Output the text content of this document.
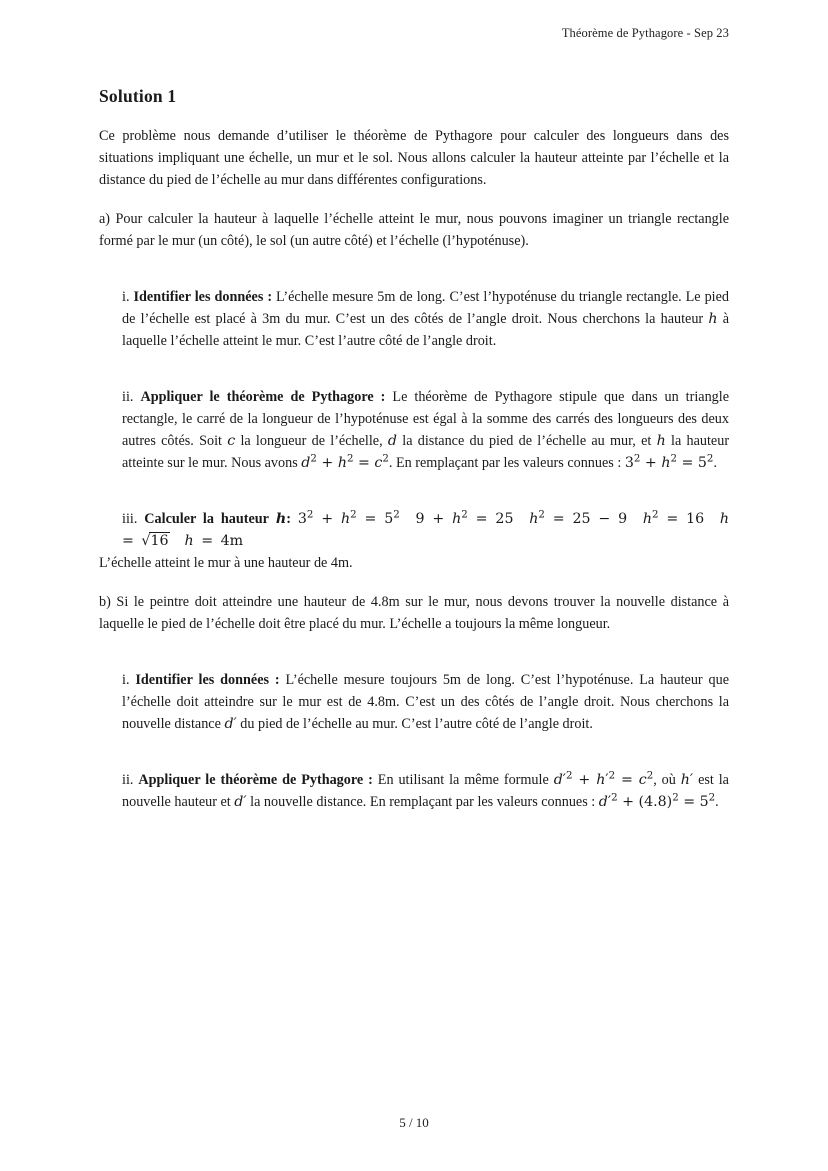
Théorème de Pythagore - Sep 23
Solution 1

Ce problème nous demande d’utiliser le théorème de Pythagore pour calculer des longueurs dans des situations impliquant une échelle, un mur et le sol. Nous allons calculer la hauteur atteinte par l’échelle et la distance du pied de l’échelle au mur dans différentes configurations.

a) Pour calculer la hauteur à laquelle l’échelle atteint le mur, nous pouvons imaginer un triangle rectangle formé par le mur (un côté), le sol (un autre côté) et l’échelle (l’hypoténuse).

i. Identifier les données : L’échelle mesure 5m de long. C’est l’hypoténuse du triangle rectangle. Le pied de l’échelle est placé à 3m du mur. C’est un des côtés de l’angle droit. Nous cherchons la hauteur h à laquelle l’échelle atteint le mur. C’est l’autre côté de l’angle droit.

ii. Appliquer le théorème de Pythagore : Le théorème de Pythagore stipule que dans un triangle rectangle, le carré de la longueur de l’hypoténuse est égal à la somme des carrés des longueurs des deux autres côtés. Soit c la longueur de l’échelle, d la distance du pied de l’échelle au mur, et h la hauteur atteinte sur le mur. Nous avons $d^2 + h^2 = c^2$. En remplaçant par les valeurs connues : $3^2 + h^2 = 5^2$.

iii. Calculer la hauteur h: $3^2 + h^2 = 5^2$  $9 + h^2 = 25$  $h^2 = 25 - 9$  $h^2 = 16$  h = √16 h = 4m

L’échelle atteint le mur à une hauteur de 4m.

b) Si le peintre doit atteindre une hauteur de 4.8m sur le mur, nous devons trouver la nouvelle distance à laquelle le pied de l’échelle doit être placé du mur. L’échelle a toujours la même longueur.

i. Identifier les données : L’échelle mesure toujours 5m de long. C’est l’hypoténuse. La hauteur que l’échelle doit atteindre sur le mur est de 4.8m. C’est un des côtés de l’angle droit. Nous cherchons la nouvelle distance d′ du pied de l’échelle au mur. C’est l’autre côté de l’angle droit.

ii. Appliquer le théorème de Pythagore : En utilisant la même formule $d'^2 + h'^2 = c^2$, où h′ est la nouvelle hauteur et d′ la nouvelle distance. En remplaçant par les valeurs connues : $d'^2 + (4.8)^2 = 5^2$.

5 / 10
